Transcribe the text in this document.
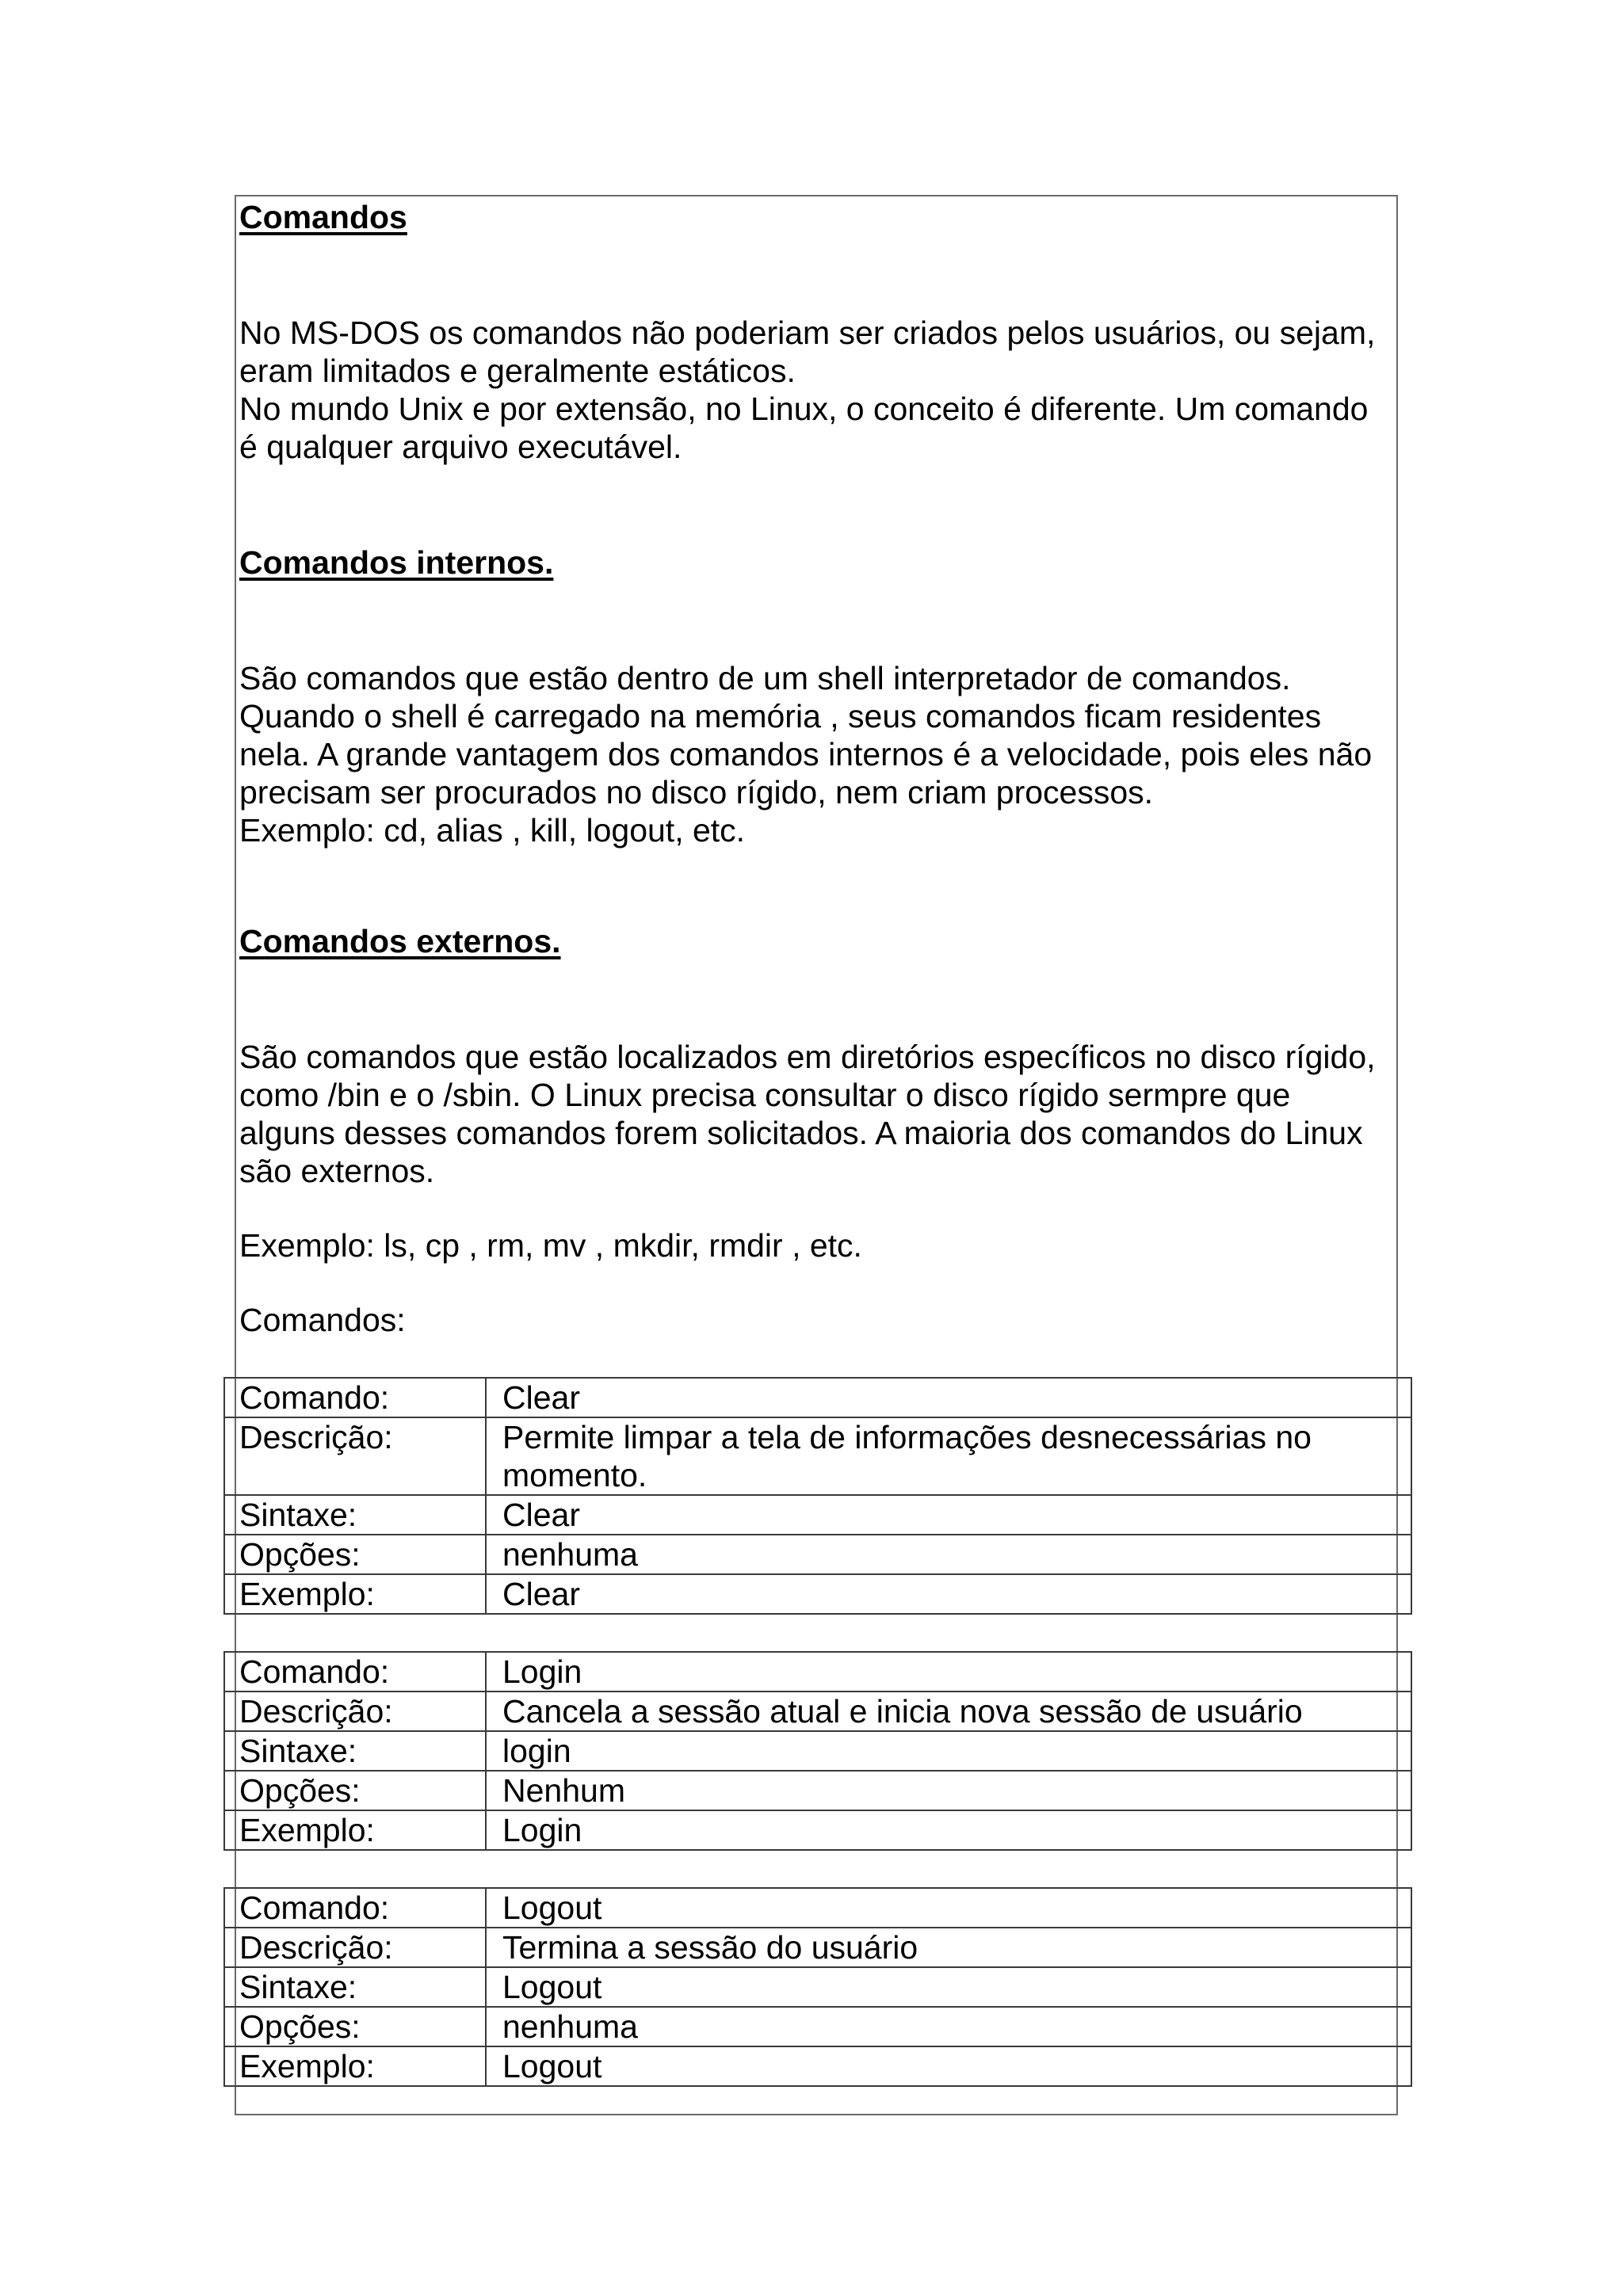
Comandos

No MS-DOS os comandos não poderiam ser criados pelos usuários, ou sejam,

eram limitados e geralmente estáticos.

No mundo Unix e por extensão, no Linux, o conceito é diferente. Um comando

é qualquer arquivo executável.

Comandos internos.

São comandos que estão dentro de um shell interpretador de comandos.

Quando o shell é carregado na memória , seus comandos ficam residentes

nela. A grande vantagem dos comandos internos é a velocidade, pois eles não

precisam ser procurados no disco rígido, nem criam processos.

Exemplo: cd, alias , kill, logout, etc.

Comandos externos.

São comandos que estão localizados em diretórios específicos no disco rígido,

como /bin e o /sbin. O Linux precisa consultar o disco rígido sermpre que

alguns desses comandos forem solicitados. A maioria dos comandos do Linux

são externos.

Exemplo: ls, cp , rm, mv , mkdir, rmdir , etc.

Comandos:

Comando:	Clear
Descrição:	Permite limpar a tela de informações desnecessárias no
momento.
Sintaxe:	Clear
Opções:	nenhuma
Exemplo:	Clear
Comando:	Login
Descrição:	Cancela a sessão atual e inicia nova sessão de usuário
Sintaxe:	login
Opções:	Nenhum
Exemplo:	Login
Comando:	Logout
Descrição:	Termina a sessão do usuário
Sintaxe:	Logout
Opções:	nenhuma
Exemplo:	Logout
